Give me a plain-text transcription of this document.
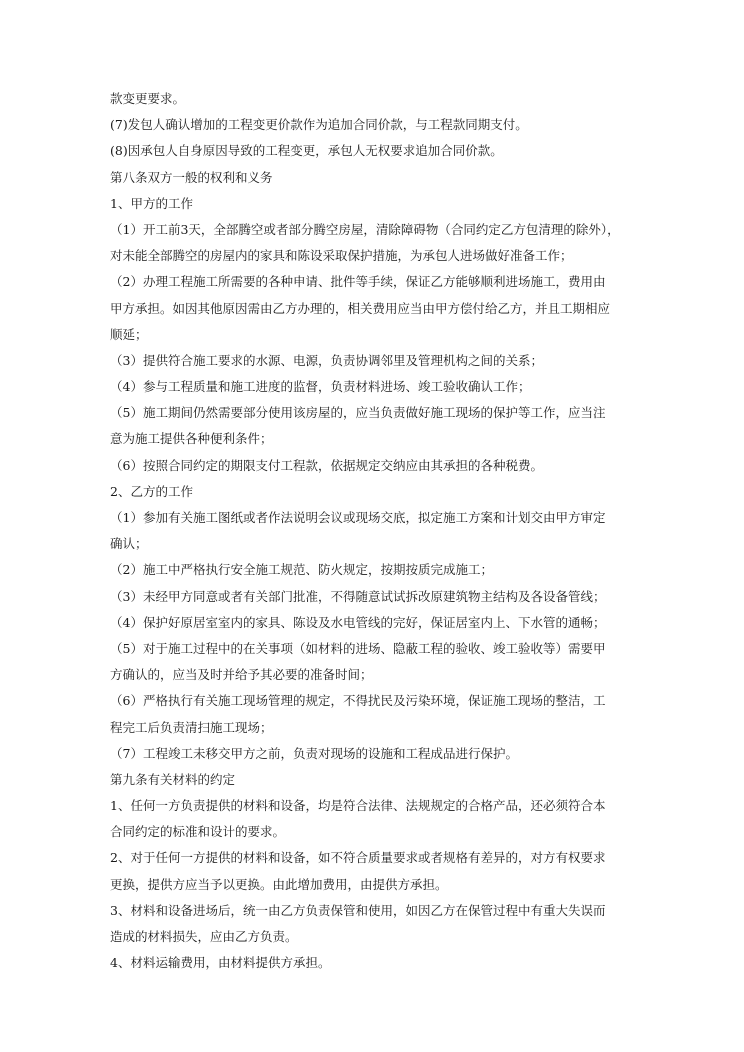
款变更要求。
(7)发包人确认增加的工程变更价款作为追加合同价款，与工程款同期支付。
(8)因承包人自身原因导致的工程变更，承包人无权要求追加合同价款。
第八条双方一般的权利和义务
1、甲方的工作
（1）开工前3天，全部腾空或者部分腾空房屋，清除障碍物（合同约定乙方包清理的除外），
对未能全部腾空的房屋内的家具和陈设采取保护措施，为承包人进场做好准备工作；
（2）办理工程施工所需要的各种申请、批件等手续，保证乙方能够顺利进场施工，费用由
甲方承担。如因其他原因需由乙方办理的，相关费用应当由甲方偿付给乙方，并且工期相应
顺延；
（3）提供符合施工要求的水源、电源，负责协调邻里及管理机构之间的关系；
（4）参与工程质量和施工进度的监督，负责材料进场、竣工验收确认工作；
（5）施工期间仍然需要部分使用该房屋的，应当负责做好施工现场的保护等工作，应当注
意为施工提供各种便利条件；
（6）按照合同约定的期限支付工程款，依据规定交纳应由其承担的各种税费。
2、乙方的工作
（1）参加有关施工图纸或者作法说明会议或现场交底，拟定施工方案和计划交由甲方审定
确认；
（2）施工中严格执行安全施工规范、防火规定，按期按质完成施工；
（3）未经甲方同意或者有关部门批准，不得随意试试拆改原建筑物主结构及各设备管线；
（4）保护好原居室室内的家具、陈设及水电管线的完好，保证居室内上、下水管的通畅；
（5）对于施工过程中的在关事项（如材料的进场、隐蔽工程的验收、竣工验收等）需要甲
方确认的，应当及时并给予其必要的准备时间；
（6）严格执行有关施工现场管理的规定，不得扰民及污染环境，保证施工现场的整洁，工
程完工后负责清扫施工现场；
（7）工程竣工未移交甲方之前，负责对现场的设施和工程成品进行保护。
第九条有关材料的约定
1、任何一方负责提供的材料和设备，均是符合法律、法规规定的合格产品，还必须符合本
合同约定的标准和设计的要求。
2、对于任何一方提供的材料和设备，如不符合质量要求或者规格有差异的，对方有权要求
更换，提供方应当予以更换。由此增加费用，由提供方承担。
3、材料和设备进场后，统一由乙方负责保管和使用，如因乙方在保管过程中有重大失误而
造成的材料损失，应由乙方负责。
4、材料运输费用，由材料提供方承担。
